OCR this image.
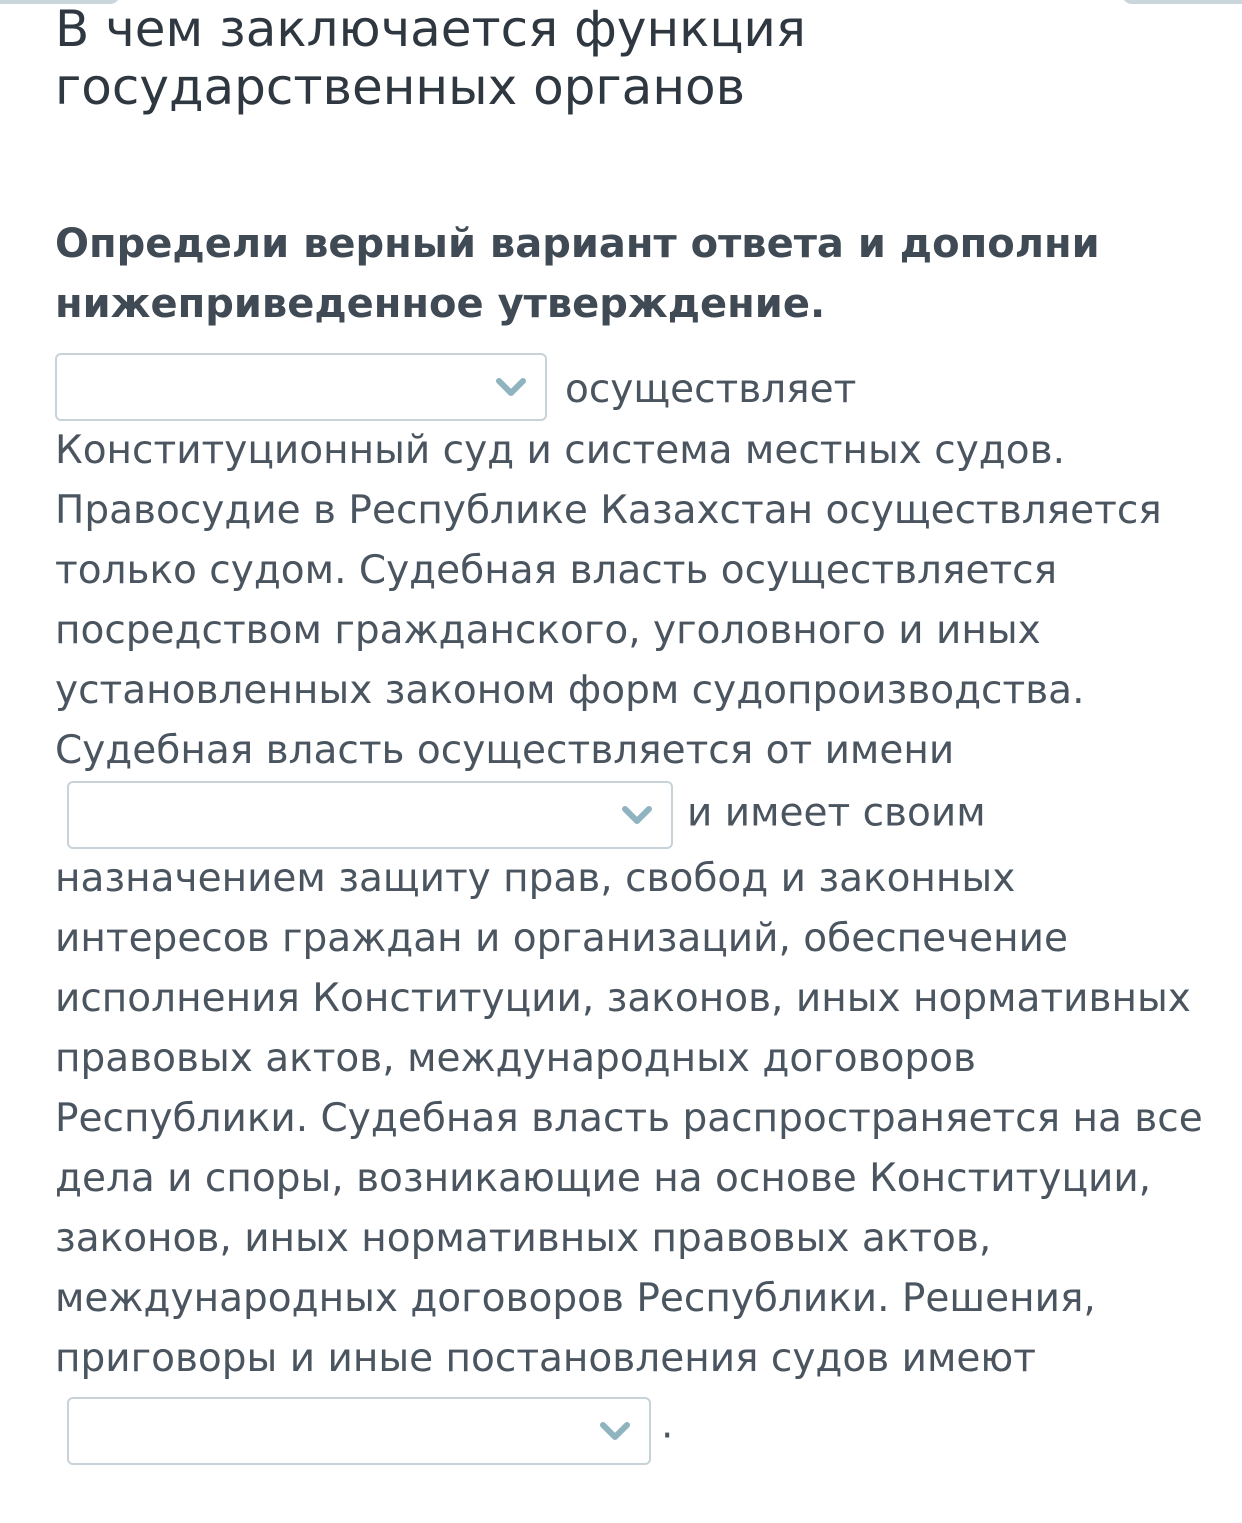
В чем заключается функция государственных органов

Определи верный вариант ответа и дополни нижеприведенное утверждение.

осуществляет Конституционный суд и система местных судов. Правосудие в Республике Казахстан осуществляется только судом. Судебная власть осуществляется посредством гражданского, уголовного и иных установленных законом форм судопроизводства. Судебная власть осуществляется от имени
и имеет своим назначением защиту прав, свобод и законных интересов граждан и организаций, обеспечение исполнения Конституции, законов, иных нормативных правовых актов, международных договоров Республики. Судебная власть распространяется на все дела и споры, возникающие на основе Конституции, законов, иных нормативных правовых актов, международных договоров Республики. Решения, приговоры и иные постановления судов имеют
.
